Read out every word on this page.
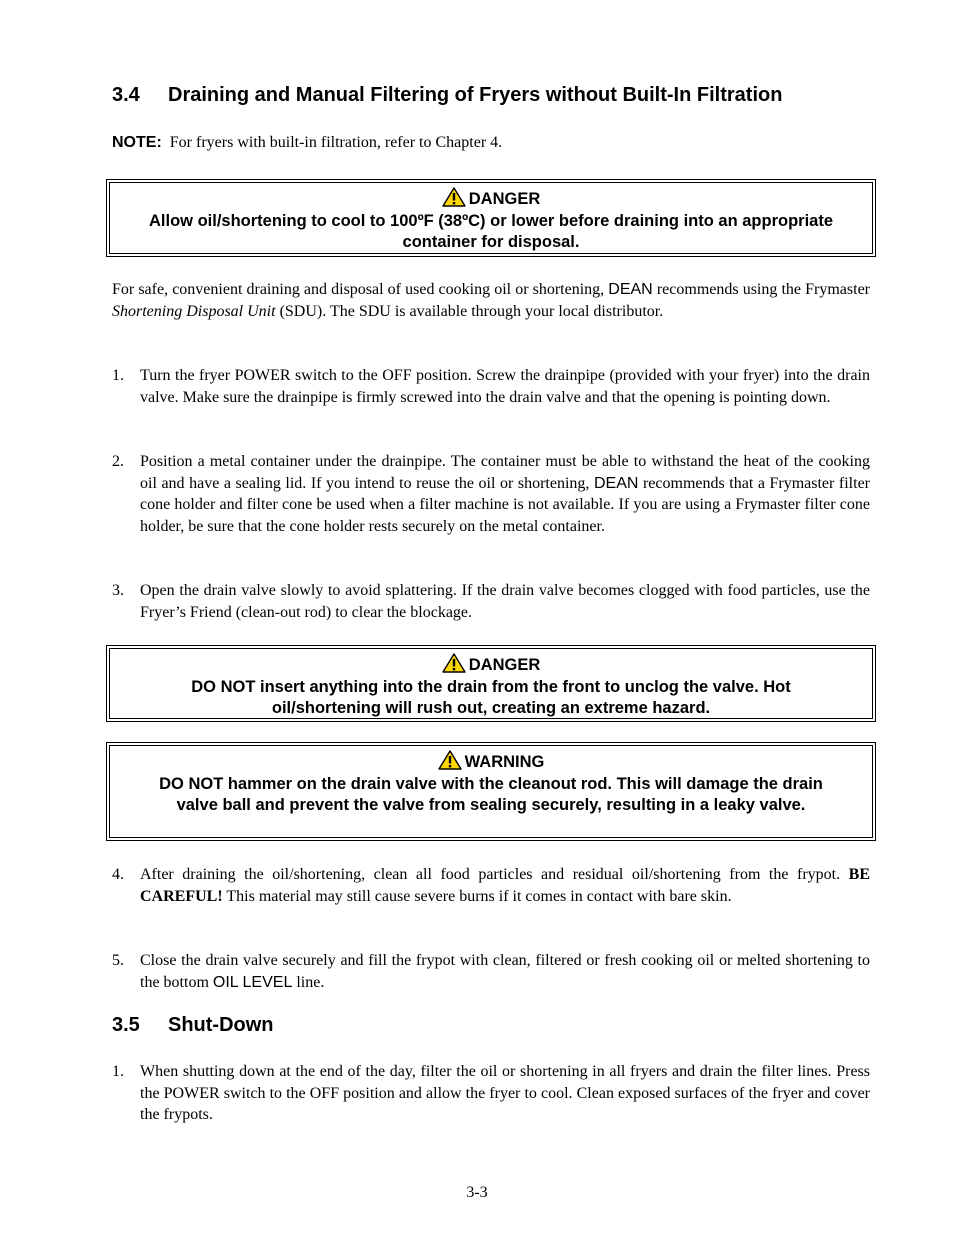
3.4 Draining and Manual Filtering of Fryers without Built-In Filtration

NOTE: For fryers with built-in filtration, refer to Chapter 4.

DANGER
Allow oil/shortening to cool to 100ºF (38ºC) or lower before draining into an appropriate container for disposal.

For safe, convenient draining and disposal of used cooking oil or shortening, DEAN recommends using the Frymaster Shortening Disposal Unit (SDU). The SDU is available through your local distributor.

1. Turn the fryer POWER switch to the OFF position. Screw the drainpipe (provided with your fryer) into the drain valve. Make sure the drainpipe is firmly screwed into the drain valve and that the opening is pointing down.
2. Position a metal container under the drainpipe. The container must be able to withstand the heat of the cooking oil and have a sealing lid. If you intend to reuse the oil or shortening, DEAN recommends that a Frymaster filter cone holder and filter cone be used when a filter machine is not available. If you are using a Frymaster filter cone holder, be sure that the cone holder rests securely on the metal container.
3. Open the drain valve slowly to avoid splattering. If the drain valve becomes clogged with food particles, use the Fryer’s Friend (clean-out rod) to clear the blockage.
DANGER
DO NOT insert anything into the drain from the front to unclog the valve. Hot oil/shortening will rush out, creating an extreme hazard.
WARNING
DO NOT hammer on the drain valve with the cleanout rod. This will damage the drain valve ball and prevent the valve from sealing securely, resulting in a leaky valve.
4. After draining the oil/shortening, clean all food particles and residual oil/shortening from the frypot. BE CAREFUL! This material may still cause severe burns if it comes in contact with bare skin.
5. Close the drain valve securely and fill the frypot with clean, filtered or fresh cooking oil or melted shortening to the bottom OIL LEVEL line.
3.5 Shut-Down
1. When shutting down at the end of the day, filter the oil or shortening in all fryers and drain the filter lines. Press the POWER switch to the OFF position and allow the fryer to cool. Clean exposed surfaces of the fryer and cover the frypots.

3-3
